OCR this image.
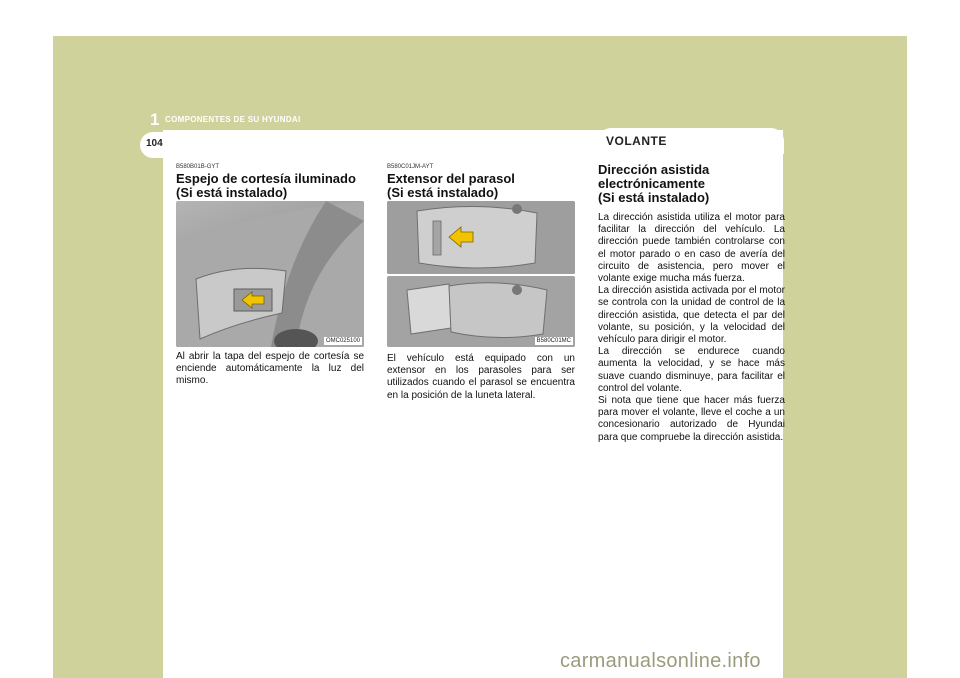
1 COMPONENTES DE SU HYUNDAI
104	VOLANTE
B580B01B-GYT
Espejo de cortesía iluminado
(Si está instalado)
OMC025100

Al abrir la tapa del espejo de cortesía se enciende automáticamente la luz del mismo.

B580C01JM-AYT
Extensor del parasol
(Si está instalado)
B580C01MC

El vehículo está equipado con un extensor en los parasoles para ser utilizados cuando el parasol se encuentra en la posición de la luneta lateral.

Dirección asistida
electrónicamente
(Si está instalado)

La dirección asistida utiliza el motor para facilitar la dirección del vehículo. La dirección puede también controlarse con el motor parado o en caso de avería del circuito de asistencia, pero mover el volante exige mucha más fuerza.

La dirección asistida activada por el motor se controla con la unidad de control de la dirección asistida, que detecta el par del volante, su posición, y la velocidad del vehículo para dirigir el motor.

La dirección se endurece cuando aumenta la velocidad, y se hace más suave cuando disminuye, para facilitar el control del volante.

Si nota que tiene que hacer más fuerza para mover el volante, lleve el coche a un concesionario autorizado de Hyundai para que compruebe la dirección asistida.

carmanualsonline.info
